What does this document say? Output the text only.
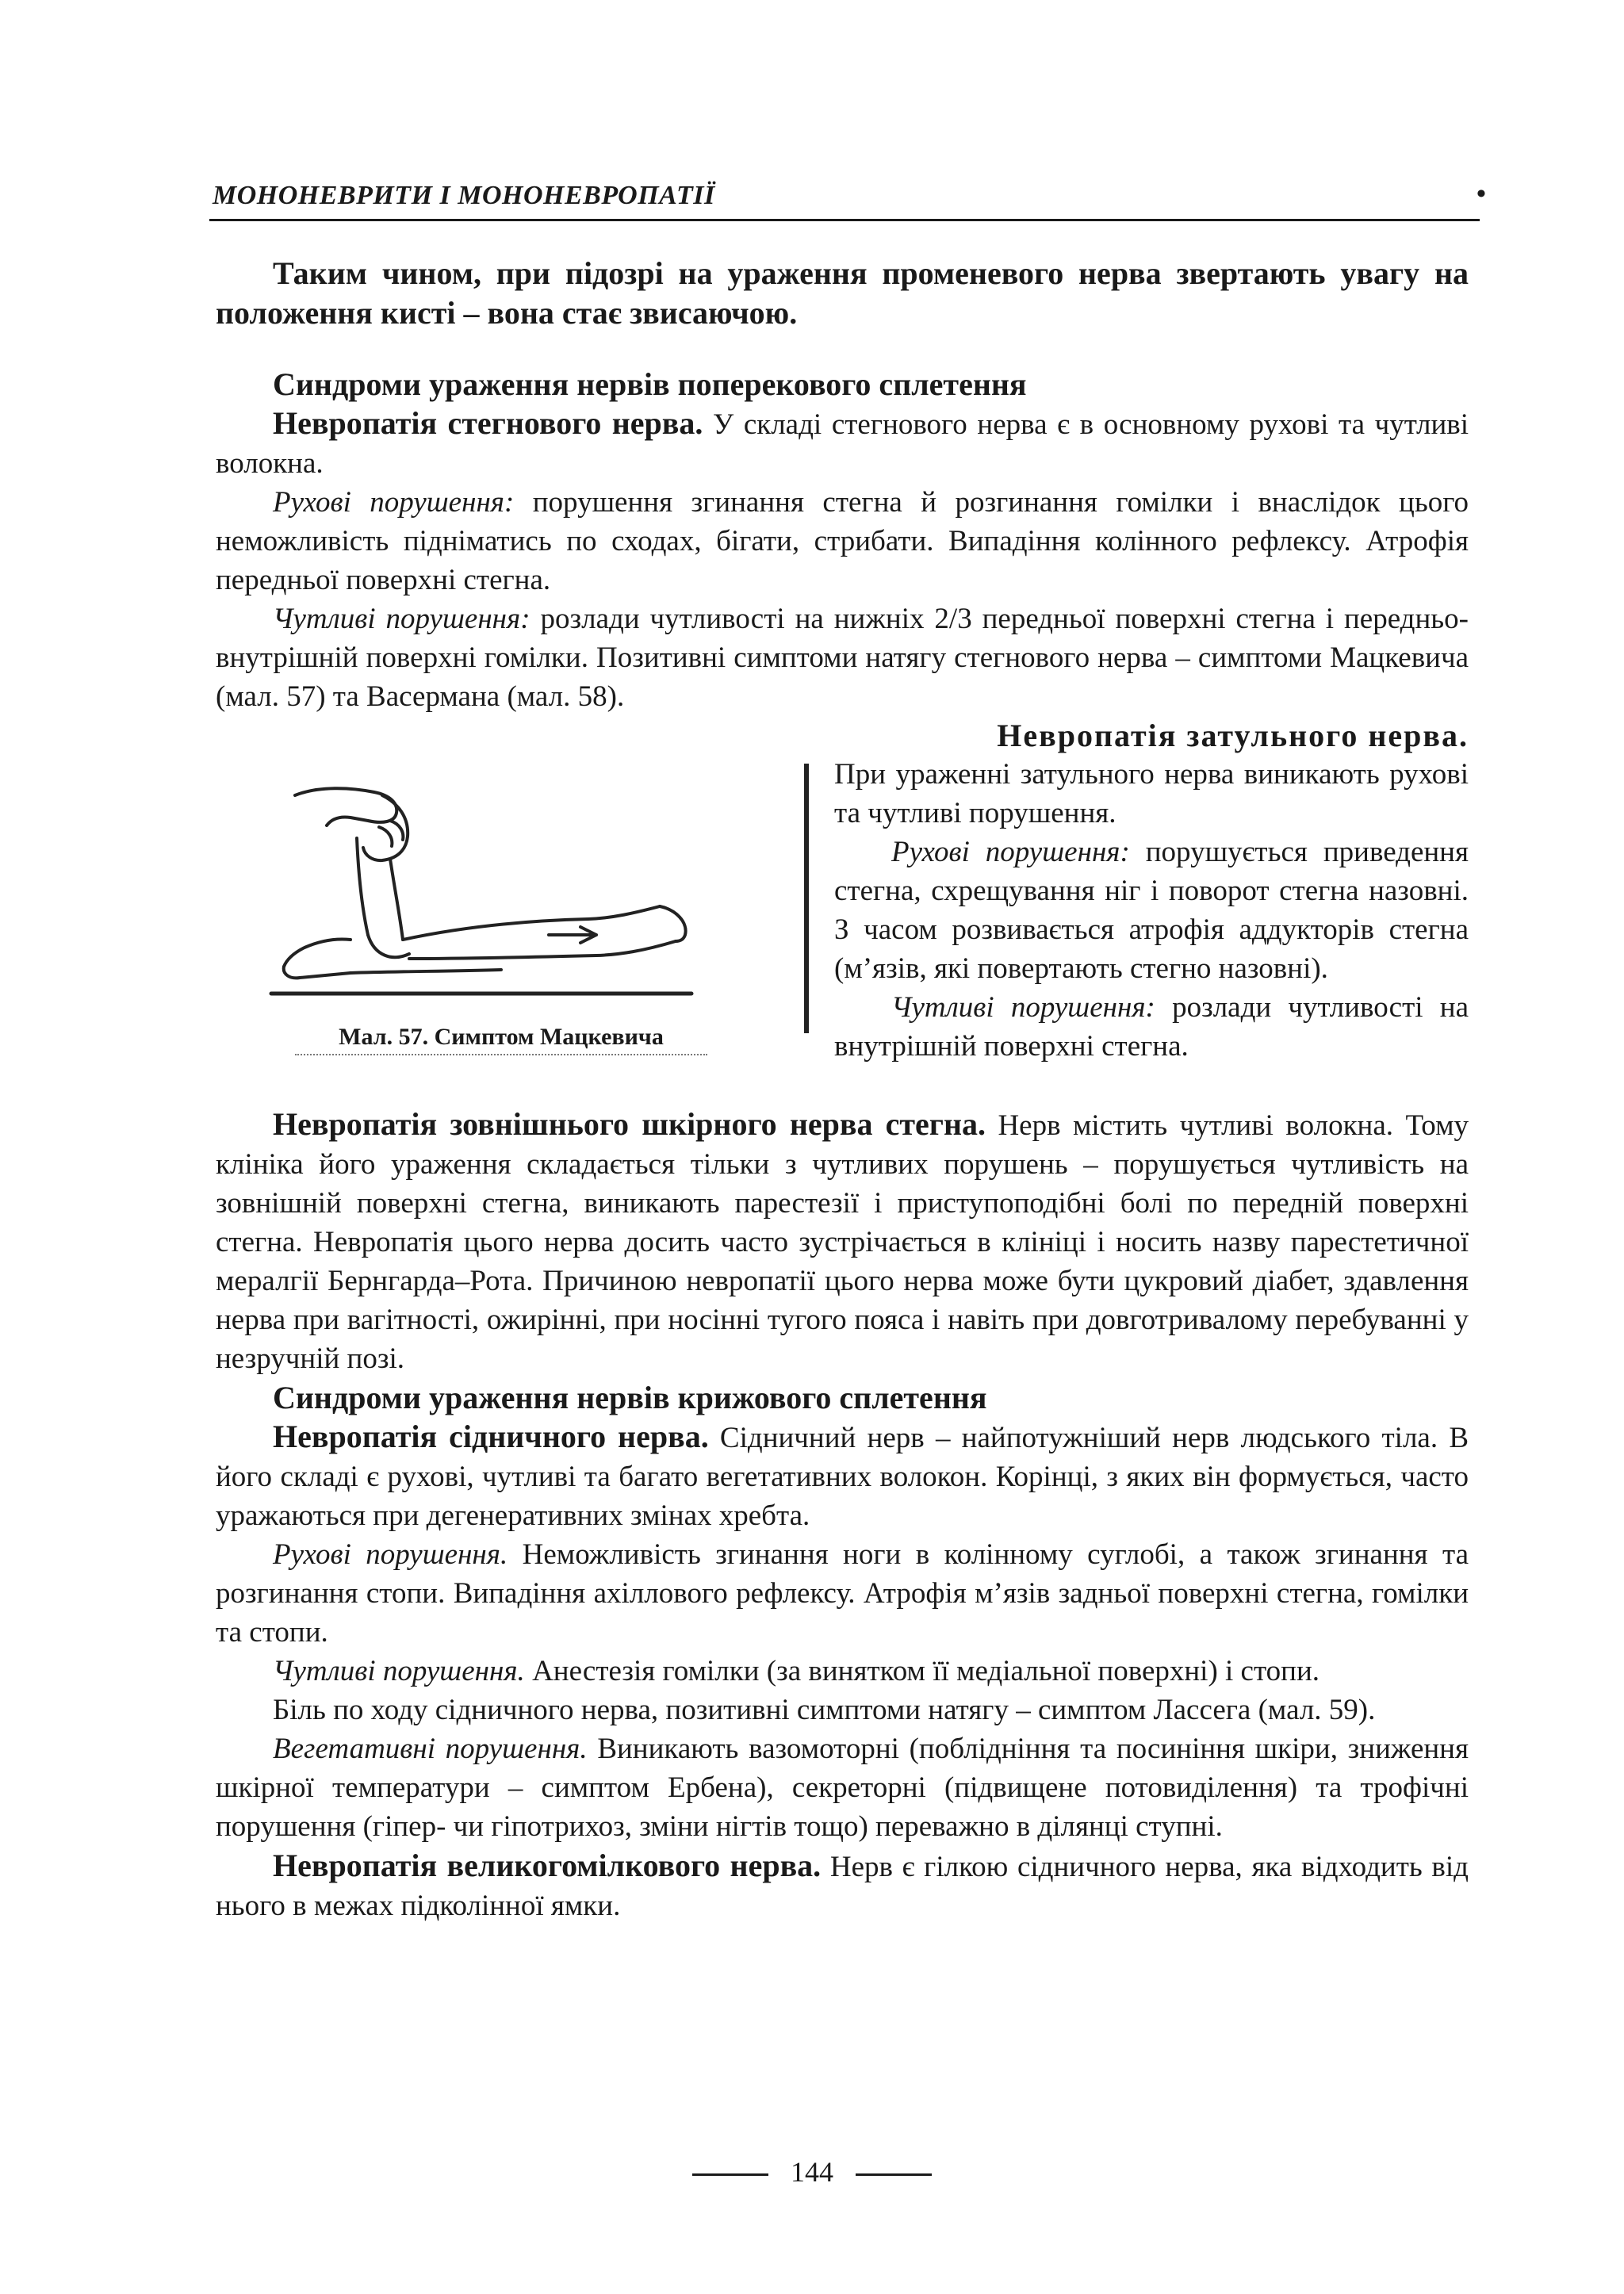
МОНОНЕВРИТИ І МОНОНЕВРОПАТІЇ	•

Таким чином, при підозрі на ураження променевого нерва звертають увагу на положення кисті – вона стає звисаючою.

Синдроми ураження нервів поперекового сплетення

Невропатія стегнового нерва. У складі стегнового нерва є в основному рухові та чутливі волокна.

Рухові порушення: порушення згинання стегна й розгинання гомілки і внаслідок цього неможливість підніматись по сходах, бігати, стрибати. Випадіння колінного рефлексу. Атрофія передньої поверхні стегна.

Чутливі порушення: розлади чутливості на нижніх 2/3 передньої поверхні стегна і передньо-внутрішній поверхні гомілки. Позитивні симптоми натягу стегнового нерва – симптоми Мацкевича (мал. 57) та Васермана (мал. 58).

Мал. 57. Симптом Мацкевича

Невропатія затульного нерва.

При ураженні затульного нерва виникають рухові та чутливі порушення.

Рухові порушення: порушується приведення стегна, схрещування ніг і поворот стегна назовні. З часом розвивається атрофія аддукторів стегна (м’язів, які повертають стегно назовні).

Чутливі порушення: розлади чутливості на внутрішній поверхні стегна.

Невропатія зовнішнього шкірного нерва стегна. Нерв містить чутливі волокна. Тому клініка його ураження складається тільки з чутливих порушень – порушується чутливість на зовнішній поверхні стегна, виникають парестезії і приступоподібні болі по передній поверхні стегна. Невропатія цього нерва досить часто зустрічається в клініці і носить назву парестетичної мералгії Бернгарда–Рота. Причиною невропатії цього нерва може бути цукровий діабет, здавлення нерва при вагітності, ожирінні, при носінні тугого пояса і навіть при довготривалому перебуванні у незручній позі.

Синдроми ураження нервів крижового сплетення

Невропатія сідничного нерва. Сідничний нерв – найпотужніший нерв людського тіла. В його складі є рухові, чутливі та багато вегетативних волокон. Корінці, з яких він формується, часто уражаються при дегенеративних змінах хребта.

Рухові порушення. Неможливість згинання ноги в колінному суглобі, а також згинання та розгинання стопи. Випадіння ахіллового рефлексу. Атрофія м’язів задньої поверхні стегна, гомілки та стопи.

Чутливі порушення. Анестезія гомілки (за винятком її медіальної поверхні) і стопи.

Біль по ходу сідничного нерва, позитивні симптоми натягу – симптом Лассега (мал. 59).

Вегетативні порушення. Виникають вазомоторні (поблідніння та посиніння шкіри, зниження шкірної температури – симптом Ербена), секреторні (підвищене потовиділення) та трофічні порушення (гіпер- чи гіпотрихоз, зміни нігтів тощо) переважно в ділянці ступні.

Невропатія великогомілкового нерва. Нерв є гілкою сідничного нерва, яка відходить від нього в межах підколінної ямки.

144
